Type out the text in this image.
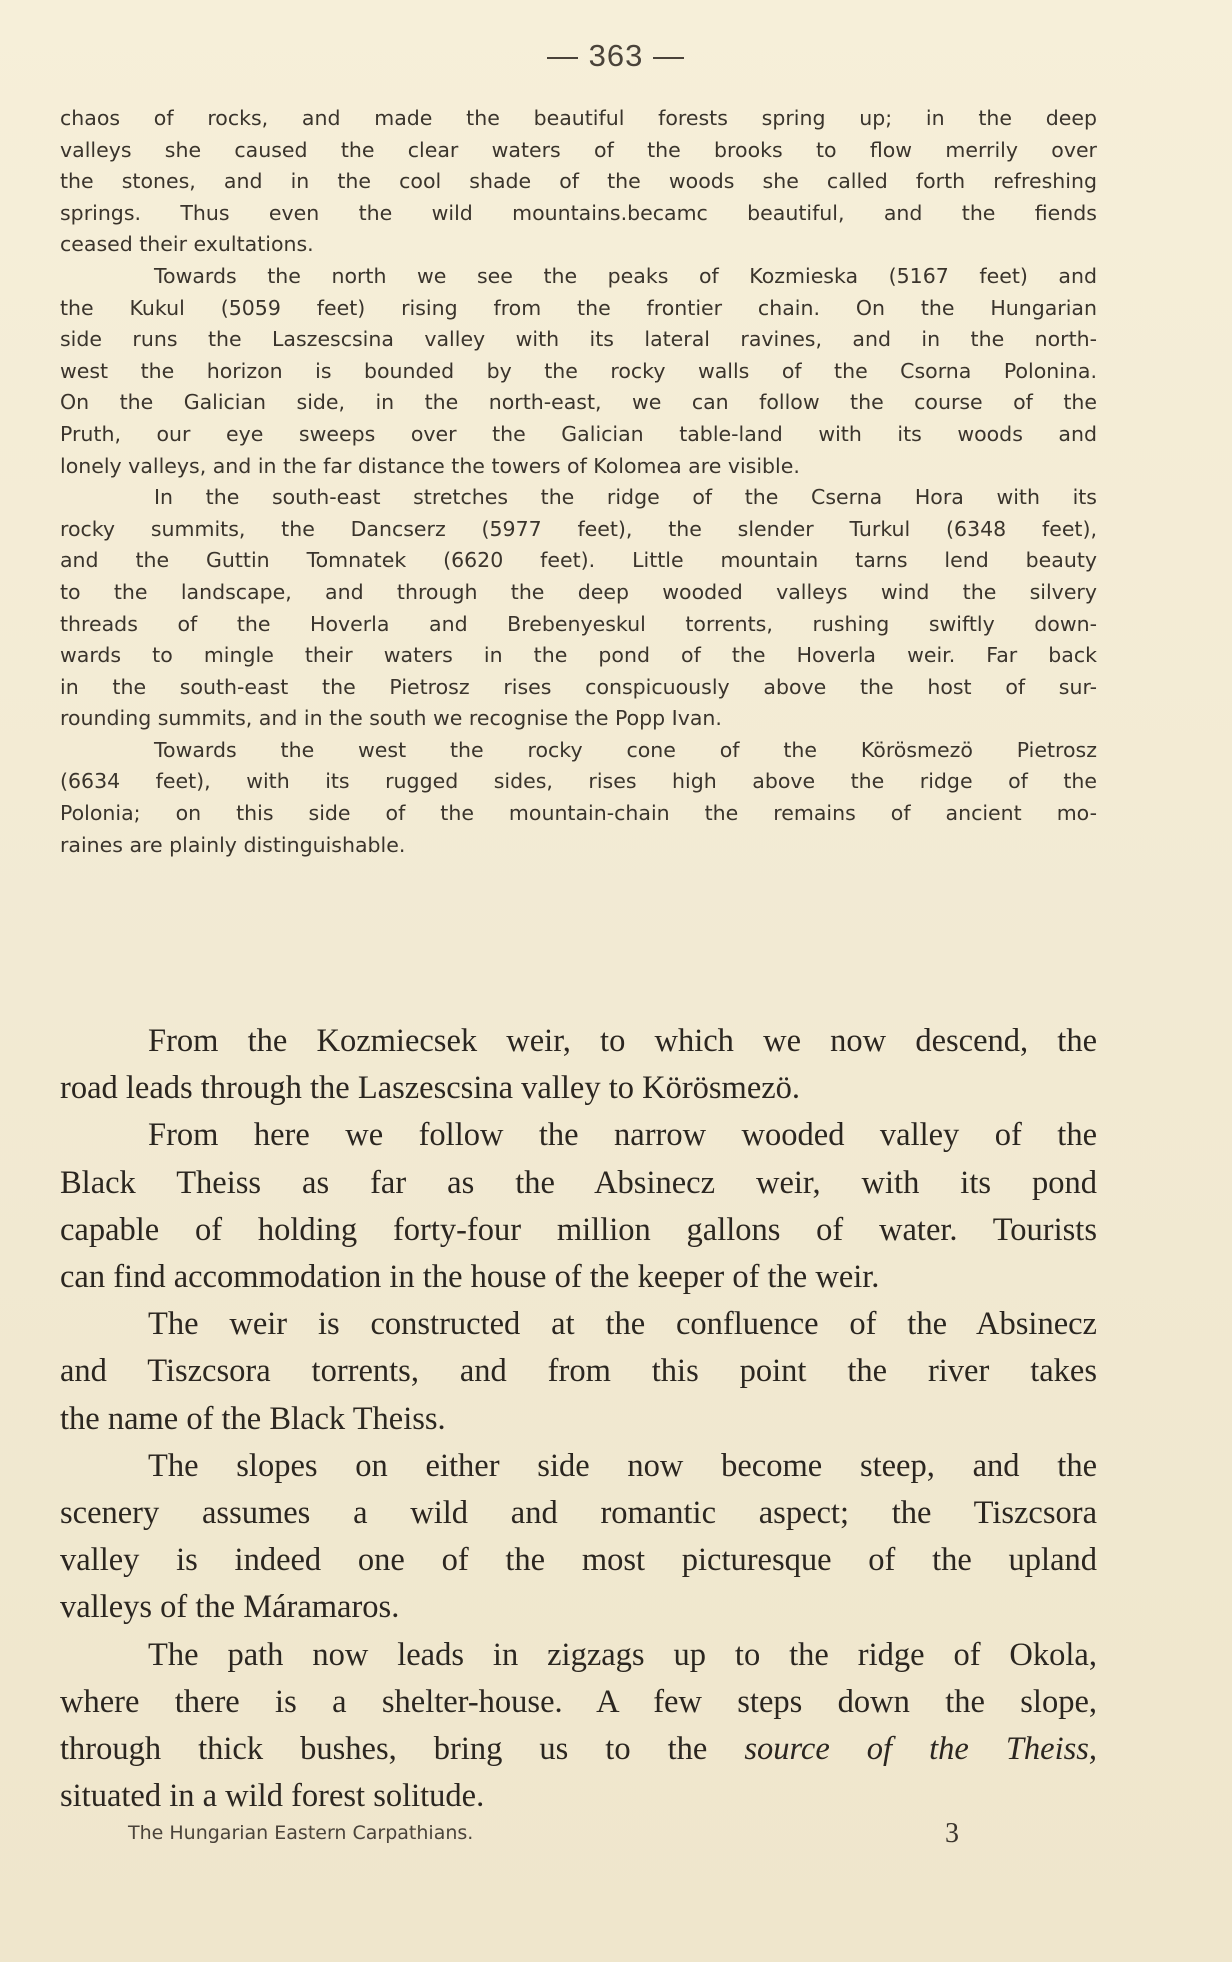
— 363 —
chaos of rocks, and made the beautiful forests spring up; in the deep
valleys she caused the clear waters of the brooks to flow merrily over
the stones, and in the cool shade of the woods she called forth refreshing
springs. Thus even the wild mountains.becamc beautiful, and the fiends
ceased their exultations.
Towards the north we see the peaks of Kozmieska (5167 feet) and
the Kukul (5059 feet) rising from the frontier chain. On the Hungarian
side runs the Laszescsina valley with its lateral ravines, and in the north-
west the horizon is bounded by the rocky walls of the Csorna Polonina.
On the Galician side, in the north-east, we can follow the course of the
Pruth, our eye sweeps over the Galician table-land with its woods and
lonely valleys, and in the far distance the towers of Kolomea are visible.
In the south-east stretches the ridge of the Cserna Hora with its
rocky summits, the Dancserz (5977 feet), the slender Turkul (6348 feet),
and the Guttin Tomnatek (6620 feet). Little mountain tarns lend beauty
to the landscape, and through the deep wooded valleys wind the silvery
threads of the Hoverla and Brebenyeskul torrents, rushing swiftly down-
wards to mingle their waters in the pond of the Hoverla weir. Far back
in the south-east the Pietrosz rises conspicuously above the host of sur-
rounding summits, and in the south we recognise the Popp Ivan.
Towards the west the rocky cone of the Körösmezö Pietrosz
(6634 feet), with its rugged sides, rises high above the ridge of the
Polonia; on this side of the mountain-chain the remains of ancient mo-
raines are plainly distinguishable.
From the Kozmiecsek weir, to which we now descend, the
road leads through the Laszescsina valley to Körösmezö.
From here we follow the narrow wooded valley of the
Black Theiss as far as the Absinecz weir, with its pond
capable of holding forty-four million gallons of water. Tourists
can find accommodation in the house of the keeper of the weir.
The weir is constructed at the confluence of the Absinecz
and Tiszcsora torrents, and from this point the river takes
the name of the Black Theiss.
The slopes on either side now become steep, and the
scenery assumes a wild and romantic aspect; the Tiszcsora
valley is indeed one of the most picturesque of the upland
valleys of the Máramaros.
The path now leads in zigzags up to the ridge of Okola,
where there is a shelter-house. A few steps down the slope,
through thick bushes, bring us to the source of the Theiss,
situated in a wild forest solitude.
The Hungarian Eastern Carpathians.	3
